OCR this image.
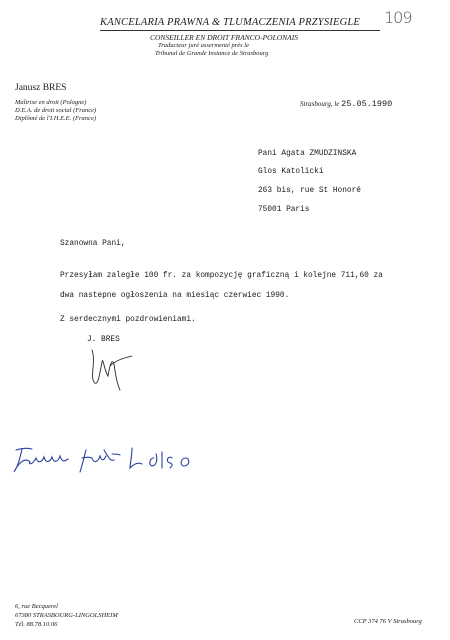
KANCELARIA PRAWNA & TLUMACZENIA PRZYSIEGLE
CONSEILLER EN DROIT FRANCO-POLONAIS
Traducteur juré assermenté près le
Tribunal de Grande Instance de Strasbourg
109
Janusz BRES
Maîtrise en droit (Pologne)
D.E.A. de droit social (France)
Diplômé de l'I.H.E.E. (France)
Strasbourg, le 25.05.1990
Pani Agata ZMUDZINSKA
Glos Katolicki
263 bis, rue St Honoré
75001 Paris
Szanowna Pani,
Przesyłam zaległe 100 fr. za kompozycję graficzną i kolejne 711,60 za
dwa nastepne ogłoszenia na miesiąc czerwiec 1990.
Z serdecznymi pozdrowieniami.
J. BRES
6, rue Becquerel
67380 STRASBOURG-LINGOLSHEIM
Tél. 88.78.10.06	CCP 374 76 V Strasbourg
